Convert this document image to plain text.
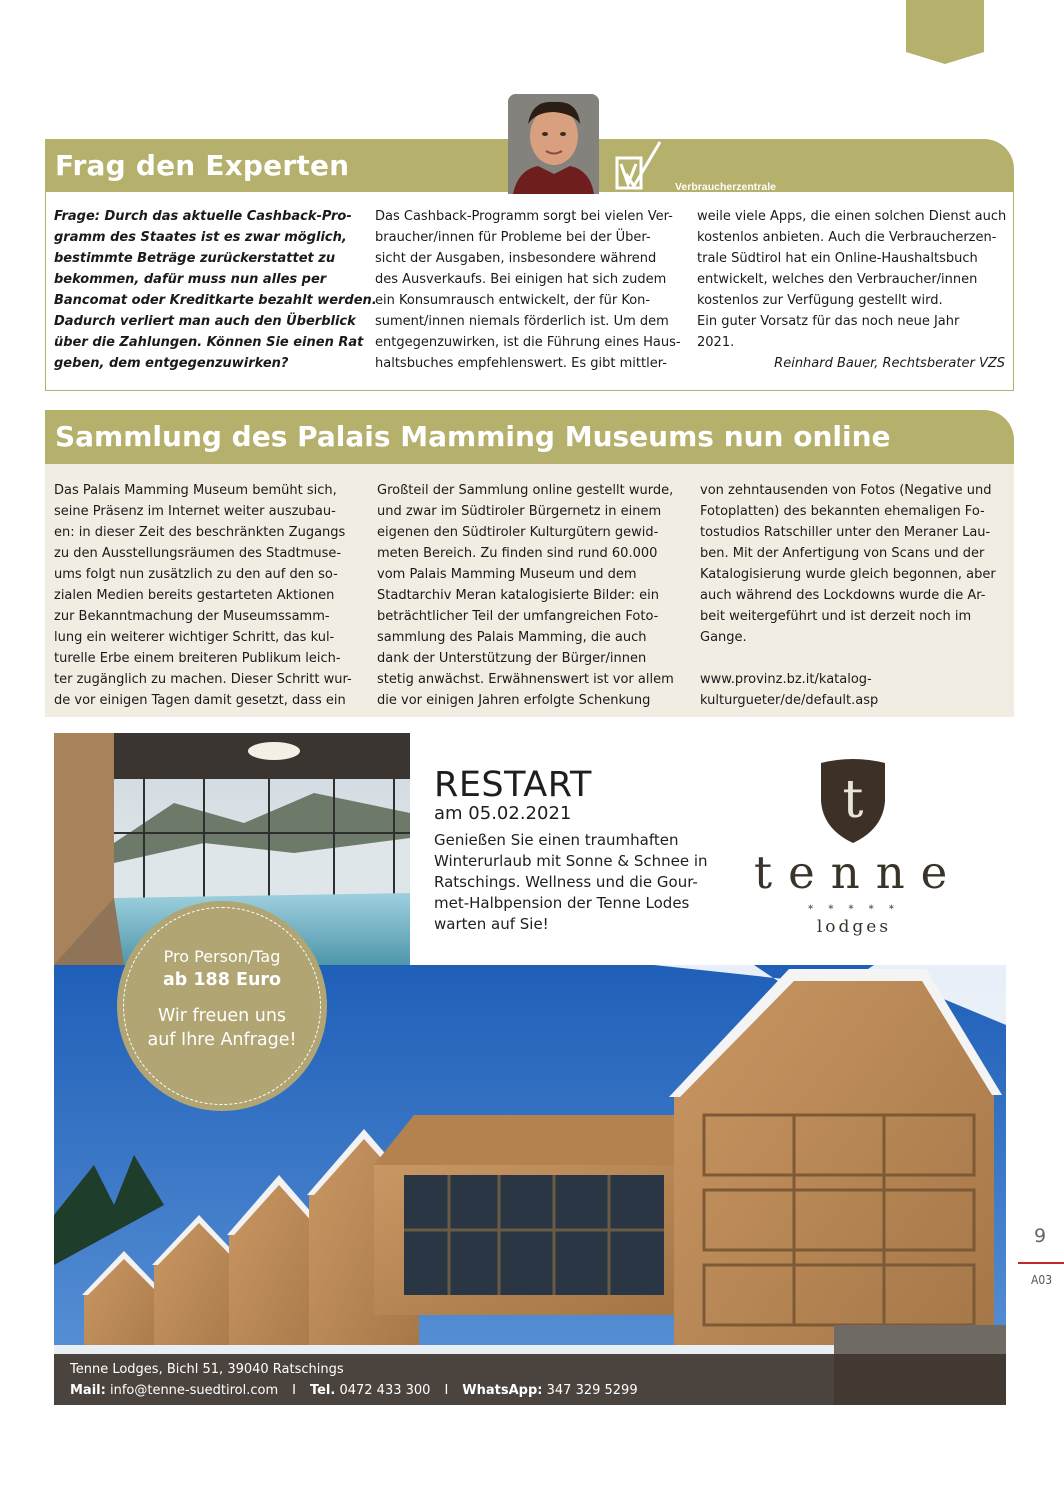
Frag den Experten
Verbraucherzentrale

Frage: Durch das aktuelle Cashback-Pro-

gramm des Staates ist es zwar möglich,

bestimmte Beträge zurückerstattet zu

bekommen, dafür muss nun alles per

Bancomat oder Kreditkarte bezahlt werden.

Dadurch verliert man auch den Überblick

über die Zahlungen. Können Sie einen Rat

geben, dem entgegenzuwirken?

Das Cashback-Programm sorgt bei vielen Ver-

braucher/innen für Probleme bei der Über-

sicht der Ausgaben, insbesondere während

des Ausverkaufs. Bei einigen hat sich zudem

ein Konsumrausch entwickelt, der für Kon-

sument/innen niemals förderlich ist. Um dem

entgegenzuwirken, ist die Führung eines Haus-

haltsbuches empfehlenswert. Es gibt mittler-

weile viele Apps, die einen solchen Dienst auch

kostenlos anbieten. Auch die Verbraucherzen-

trale Südtirol hat ein Online-Haushaltsbuch

entwickelt, welches den Verbraucher/innen

kostenlos zur Verfügung gestellt wird.

Ein guter Vorsatz für das noch neue Jahr

2021.

Reinhard Bauer, Rechtsberater VZS
Sammlung des Palais Mamming Museums nun online

Das Palais Mamming Museum bemüht sich,

seine Präsenz im Internet weiter auszubau-

en: in dieser Zeit des beschränkten Zugangs

zu den Ausstellungsräumen des Stadtmuse-

ums folgt nun zusätzlich zu den auf den so-

zialen Medien bereits gestarteten Aktionen

zur Bekanntmachung der Museumssamm-

lung ein weiterer wichtiger Schritt, das kul-

turelle Erbe einem breiteren Publikum leich-

ter zugänglich zu machen. Dieser Schritt wur-

de vor einigen Tagen damit gesetzt, dass ein

Großteil der Sammlung online gestellt wurde,

und zwar im Südtiroler Bürgernetz in einem

eigenen den Südtiroler Kulturgütern gewid-

meten Bereich. Zu finden sind rund 60.000

vom Palais Mamming Museum und dem

Stadtarchiv Meran katalogisierte Bilder: ein

beträchtlicher Teil der umfangreichen Foto-

sammlung des Palais Mamming, die auch

dank der Unterstützung der Bürger/innen

stetig anwächst. Erwähnenswert ist vor allem

die vor einigen Jahren erfolgte Schenkung

von zehntausenden von Fotos (Negative und

Fotoplatten) des bekannten ehemaligen Fo-

tostudios Ratschiller unter den Meraner Lau-

ben. Mit der Anfertigung von Scans und der

Katalogisierung wurde gleich begonnen, aber

auch während des Lockdowns wurde die Ar-

beit weitergeführt und ist derzeit noch im

Gange.

www.provinz.bz.it/katalog-

kulturgueter/de/default.asp

RESTART
am 05.02.2021

Genießen Sie einen traumhaften

Winterurlaub mit Sonne & Schnee in

Ratschings. Wellness und die Gour-

met-Halbpension der Tenne Lodes

warten auf Sie!

t
tenne
* * * * *
lodges
Pro Person/Tag
ab 188 Euro
Wir freuen uns
auf Ihre Anfrage!
Tenne Lodges, Bichl 51, 39040 Ratschings
Mail: info@tenne-suedtirol.com I Tel. 0472 433 300 I WhatsApp: 347 329 5299
9
A03
